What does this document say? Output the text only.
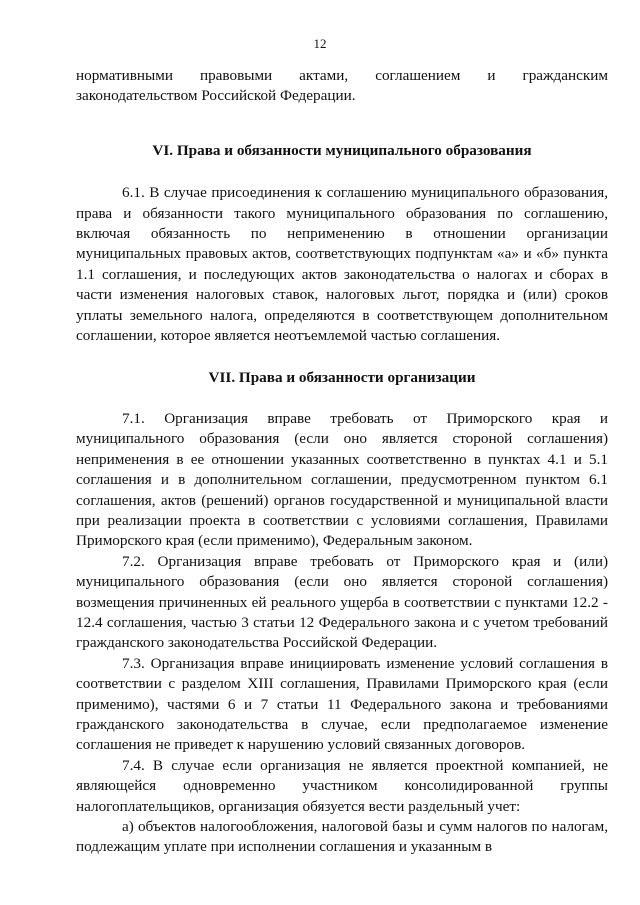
12

нормативными правовыми актами, соглашением и гражданским законодательством Российской Федерации.

VI. Права и обязанности муниципального образования

6.1. В случае присоединения к соглашению муниципального образования, права и обязанности такого муниципального образования по соглашению, включая обязанность по неприменению в отношении организации муниципальных правовых актов, соответствующих подпунктам «а» и «б» пункта 1.1 соглашения, и последующих актов законодательства о налогах и сборах в части изменения налоговых ставок, налоговых льгот, порядка и (или) сроков уплаты земельного налога, определяются в соответствующем дополнительном соглашении, которое является неотъемлемой частью соглашения.

VII. Права и обязанности организации

7.1. Организация вправе требовать от Приморского края и муниципального образования (если оно является стороной соглашения) неприменения в ее отношении указанных соответственно в пунктах 4.1 и 5.1 соглашения и в дополнительном соглашении, предусмотренном пунктом 6.1 соглашения, актов (решений) органов государственной и муниципальной власти при реализации проекта в соответствии с условиями соглашения, Правилами Приморского края (если применимо), Федеральным законом.

7.2. Организация вправе требовать от Приморского края и (или) муниципального образования (если оно является стороной соглашения) возмещения причиненных ей реального ущерба в соответствии с пунктами 12.2 - 12.4 соглашения, частью 3 статьи 12 Федерального закона и с учетом требований гражданского законодательства Российской Федерации.

7.3. Организация вправе инициировать изменение условий соглашения в соответствии с разделом XIII соглашения, Правилами Приморского края (если применимо), частями 6 и 7 статьи 11 Федерального закона и требованиями гражданского законодательства в случае, если предполагаемое изменение соглашения не приведет к нарушению условий связанных договоров.

7.4. В случае если организация не является проектной компанией, не являющейся одновременно участником консолидированной группы налогоплательщиков, организация обязуется вести раздельный учет:

а) объектов налогообложения, налоговой базы и сумм налогов по налогам, подлежащим уплате при исполнении соглашения и указанным в
